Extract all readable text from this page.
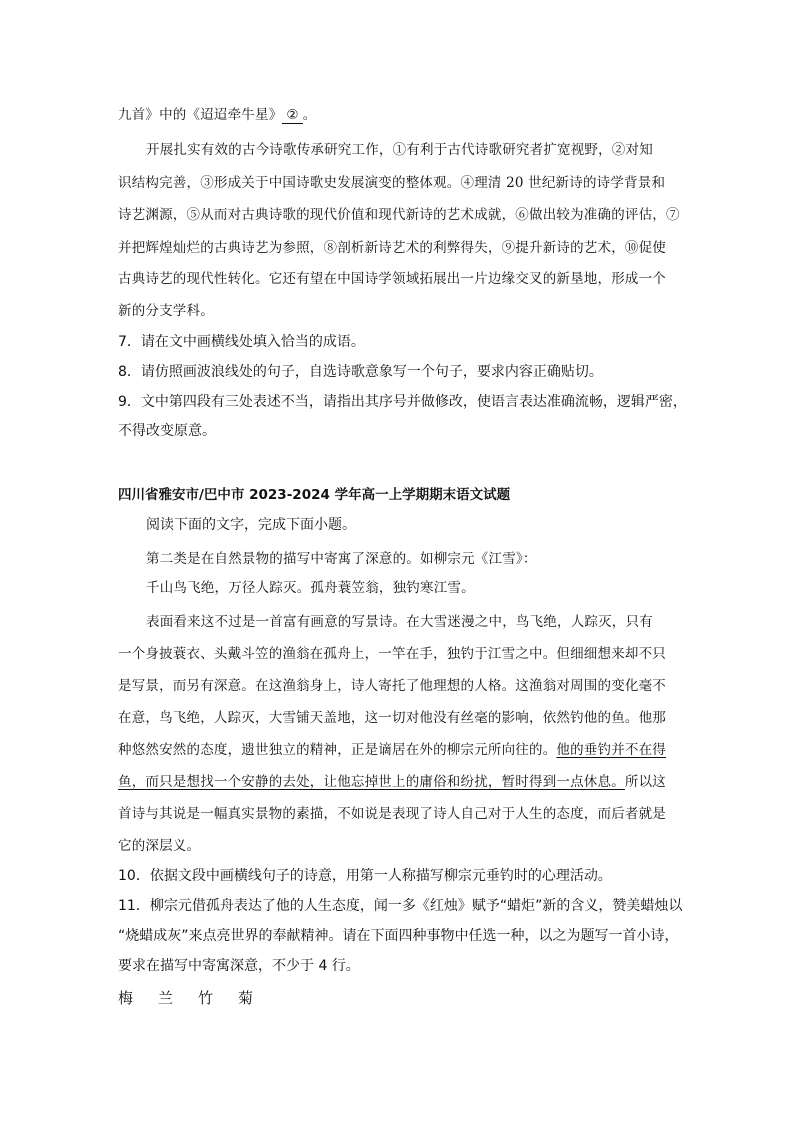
九首》中的《迢迢牵牛星》 ② 。
开展扎实有效的古今诗歌传承研究工作，①有利于古代诗歌研究者扩宽视野，②对知
识结构完善，③形成关于中国诗歌史发展演变的整体观。④理清 20 世纪新诗的诗学背景和
诗艺渊源，⑤从而对古典诗歌的现代价值和现代新诗的艺术成就，⑥做出较为准确的评估，⑦
并把辉煌灿烂的古典诗艺为参照，⑧剖析新诗艺术的利弊得失，⑨提升新诗的艺术，⑩促使
古典诗艺的现代性转化。它还有望在中国诗学领域拓展出一片边缘交叉的新垦地，形成一个
新的分支学科。
7．请在文中画横线处填入恰当的成语。
8．请仿照画波浪线处的句子，自选诗歌意象写一个句子，要求内容正确贴切。
9．文中第四段有三处表述不当，请指出其序号并做修改，使语言表达准确流畅，逻辑严密，
不得改变原意。
四川省雅安市/巴中市 2023-2024 学年高一上学期期末语文试题
阅读下面的文字，完成下面小题。
第二类是在自然景物的描写中寄寓了深意的。如柳宗元《江雪》：
千山鸟飞绝，万径人踪灭。孤舟蓑笠翁，独钓寒江雪。
表面看来这不过是一首富有画意的写景诗。在大雪迷漫之中，鸟飞绝，人踪灭，只有
一个身披蓑衣、头戴斗笠的渔翁在孤舟上，一竿在手，独钓于江雪之中。但细细想来却不只
是写景，而另有深意。在这渔翁身上，诗人寄托了他理想的人格。这渔翁对周围的变化毫不
在意，鸟飞绝，人踪灭，大雪铺天盖地，这一切对他没有丝毫的影响，依然钓他的鱼。他那
种悠然安然的态度，遗世独立的精神，正是谪居在外的柳宗元所向往的。他的垂钓并不在得
鱼，而只是想找一个安静的去处，让他忘掉世上的庸俗和纷扰，暂时得到一点休息。所以这
首诗与其说是一幅真实景物的素描，不如说是表现了诗人自己对于人生的态度，而后者就是
它的深层义。
10．依据文段中画横线句子的诗意，用第一人称描写柳宗元垂钓时的心理活动。
11．柳宗元借孤舟表达了他的人生态度，闻一多《红烛》赋予“蜡炬”新的含义，赞美蜡烛以
“烧蜡成灰”来点亮世界的奉献精神。请在下面四种事物中任选一种，以之为题写一首小诗，
要求在描写中寄寓深意，不少于 4 行。
梅 兰 竹 菊
